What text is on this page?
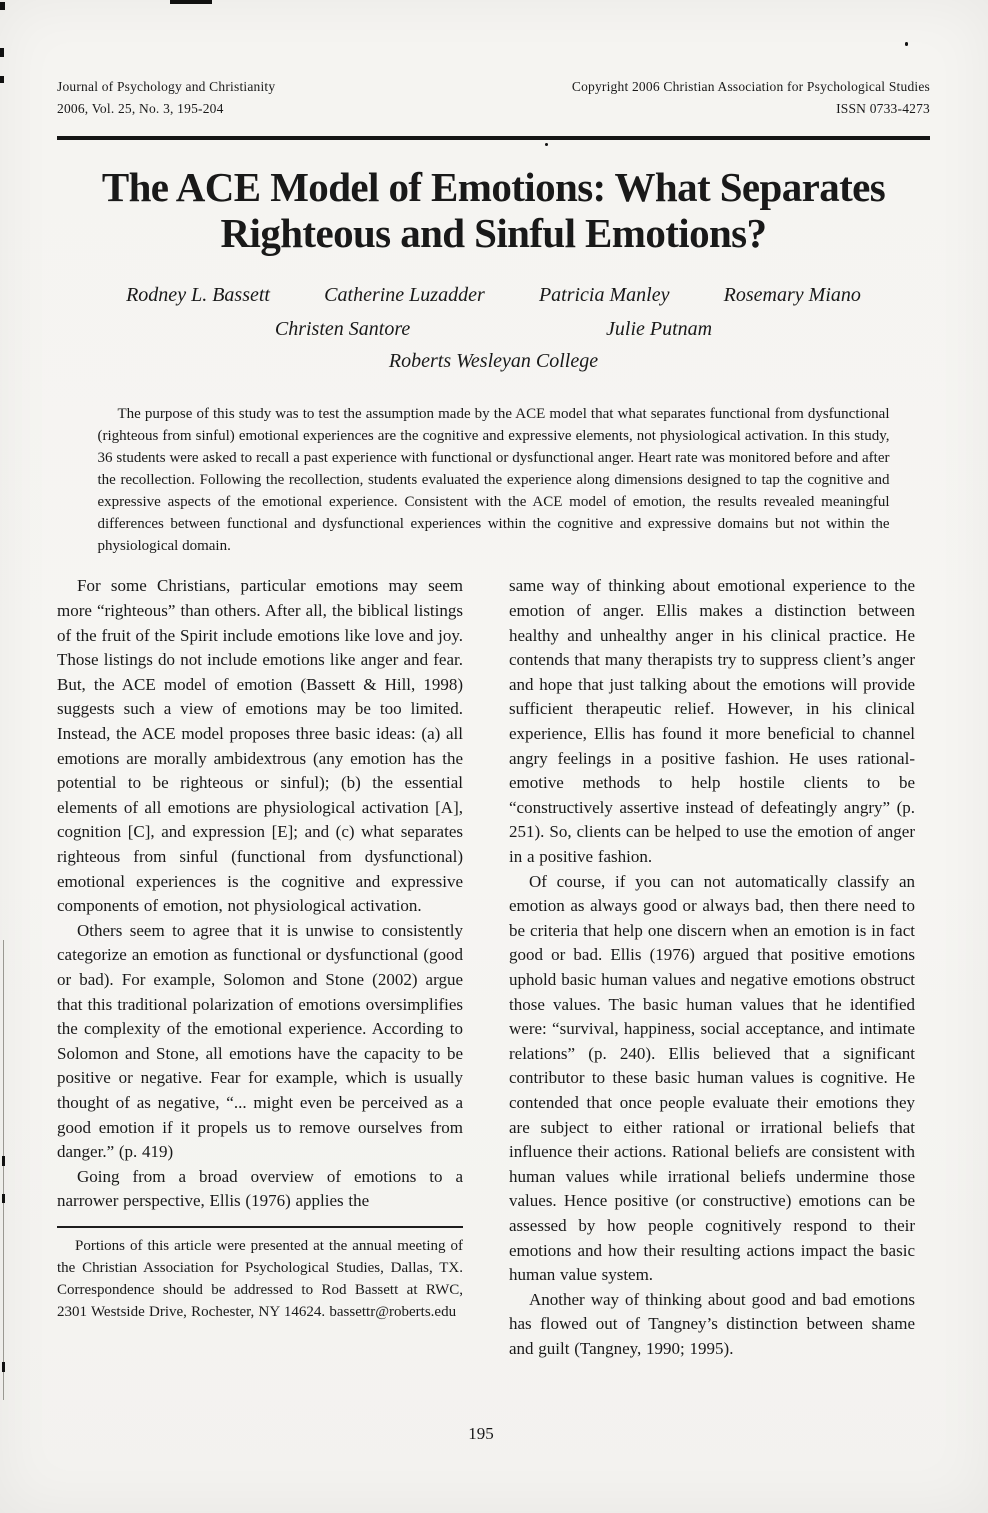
Journal of Psychology and Christianity
2006, Vol. 25, No. 3, 195-204
Copyright 2006 Christian Association for Psychological Studies
ISSN 0733-4273
The ACE Model of Emotions: What Separates
Righteous and Sinful Emotions?
Rodney L. Bassett	Catherine Luzadder	Patricia Manley	Rosemary Miano
Christen Santore	Julie Putnam
Roberts Wesleyan College
The purpose of this study was to test the assumption made by the ACE model that what separates functional from dysfunctional (righteous from sinful) emotional experiences are the cognitive and expressive elements, not physiological activation. In this study, 36 students were asked to recall a past experience with functional or dysfunctional anger. Heart rate was monitored before and after the recollection. Following the recollection, students evaluated the experience along dimensions designed to tap the cognitive and expressive aspects of the emotional experience. Consistent with the ACE model of emotion, the results revealed meaningful differences between functional and dysfunctional experiences within the cognitive and expressive domains but not within the physiological domain.

For some Christians, particular emotions may seem more “righteous” than others. After all, the biblical listings of the fruit of the Spirit include emotions like love and joy. Those listings do not include emotions like anger and fear. But, the ACE model of emotion (Bassett & Hill, 1998) suggests such a view of emotions may be too limited. Instead, the ACE model proposes three basic ideas: (a) all emotions are morally ambidextrous (any emotion has the potential to be righteous or sinful); (b) the essential elements of all emotions are physiological activation [A], cognition [C], and expression [E]; and (c) what separates righteous from sinful (functional from dysfunctional) emotional experiences is the cognitive and expressive components of emotion, not physiological activation.

Others seem to agree that it is unwise to consistently categorize an emotion as functional or dysfunctional (good or bad). For example, Solomon and Stone (2002) argue that this traditional polarization of emotions oversimplifies the complexity of the emotional experience. According to Solomon and Stone, all emotions have the capacity to be positive or negative. Fear for example, which is usually thought of as negative, “... might even be perceived as a good emotion if it propels us to remove ourselves from danger.” (p. 419)

Going from a broad overview of emotions to a narrower perspective, Ellis (1976) applies the

Portions of this article were presented at the annual meeting of the Christian Association for Psychological Studies, Dallas, TX. Correspondence should be addressed to Rod Bassett at RWC, 2301 Westside Drive, Rochester, NY 14624. bassettr@roberts.edu

same way of thinking about emotional experience to the emotion of anger. Ellis makes a distinction between healthy and unhealthy anger in his clinical practice. He contends that many therapists try to suppress client’s anger and hope that just talking about the emotions will provide sufficient therapeutic relief. However, in his clinical experience, Ellis has found it more beneficial to channel angry feelings in a positive fashion. He uses rational-emotive methods to help hostile clients to be “constructively assertive instead of defeatingly angry” (p. 251). So, clients can be helped to use the emotion of anger in a positive fashion.

Of course, if you can not automatically classify an emotion as always good or always bad, then there need to be criteria that help one discern when an emotion is in fact good or bad. Ellis (1976) argued that positive emotions uphold basic human values and negative emotions obstruct those values. The basic human values that he identified were: “survival, happiness, social acceptance, and intimate relations” (p. 240). Ellis believed that a significant contributor to these basic human values is cognitive. He contended that once people evaluate their emotions they are subject to either rational or irrational beliefs that influence their actions. Rational beliefs are consistent with human values while irrational beliefs undermine those values. Hence positive (or constructive) emotions can be assessed by how people cognitively respond to their emotions and how their resulting actions impact the basic human value system.

Another way of thinking about good and bad emotions has flowed out of Tangney’s distinction between shame and guilt (Tangney, 1990; 1995).

195
